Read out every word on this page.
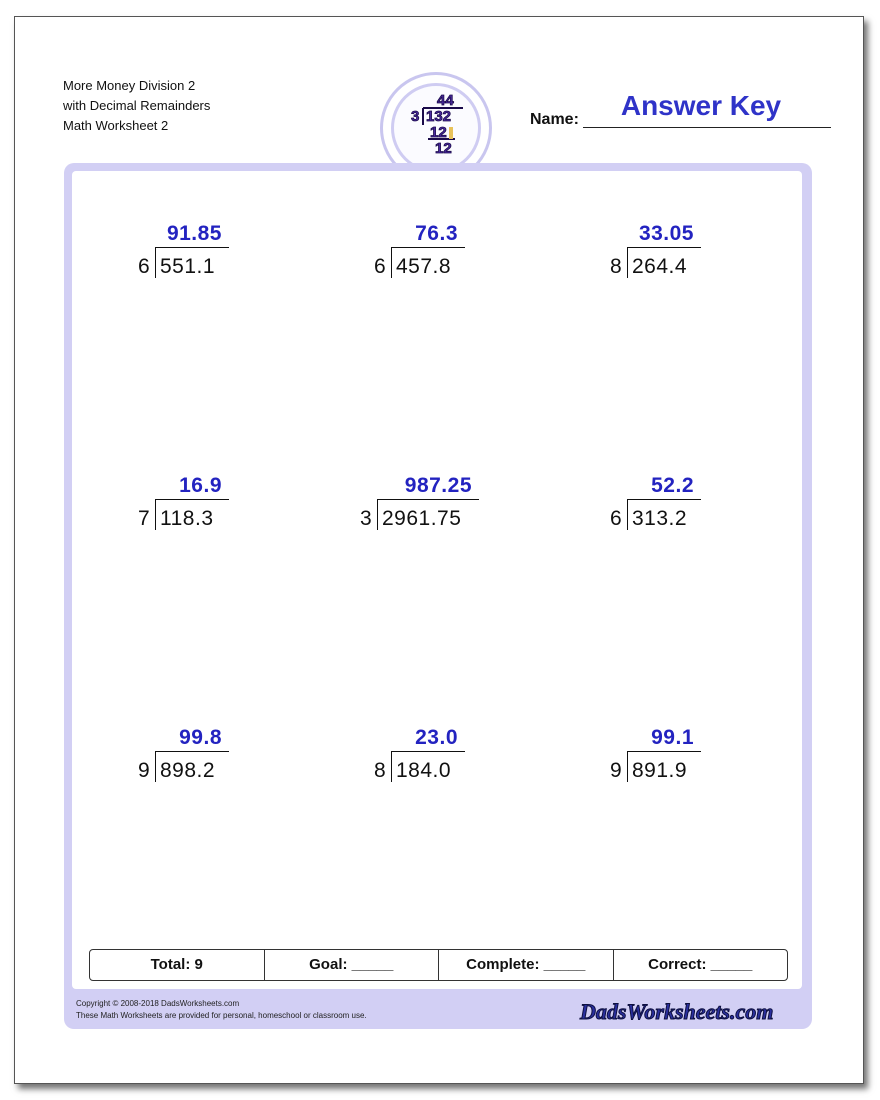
More Money Division 2
with Decimal Remainders
Math Worksheet 2
44
3 132
12
12
Name:	Answer Key
91.85
6 551.1
76.3
6 457.8
33.05
8 264.4
16.9
7 118.3
987.25
3 2961.75
52.2
6 313.2
99.8
9 898.2
23.0
8 184.0
99.1
9 891.9
Total: 9	Goal: _____	Complete: _____	Correct: _____
Copyright © 2008-2018 DadsWorksheets.com
These Math Worksheets are provided for personal, homeschool or classroom use.	DadsWorksheets.com
